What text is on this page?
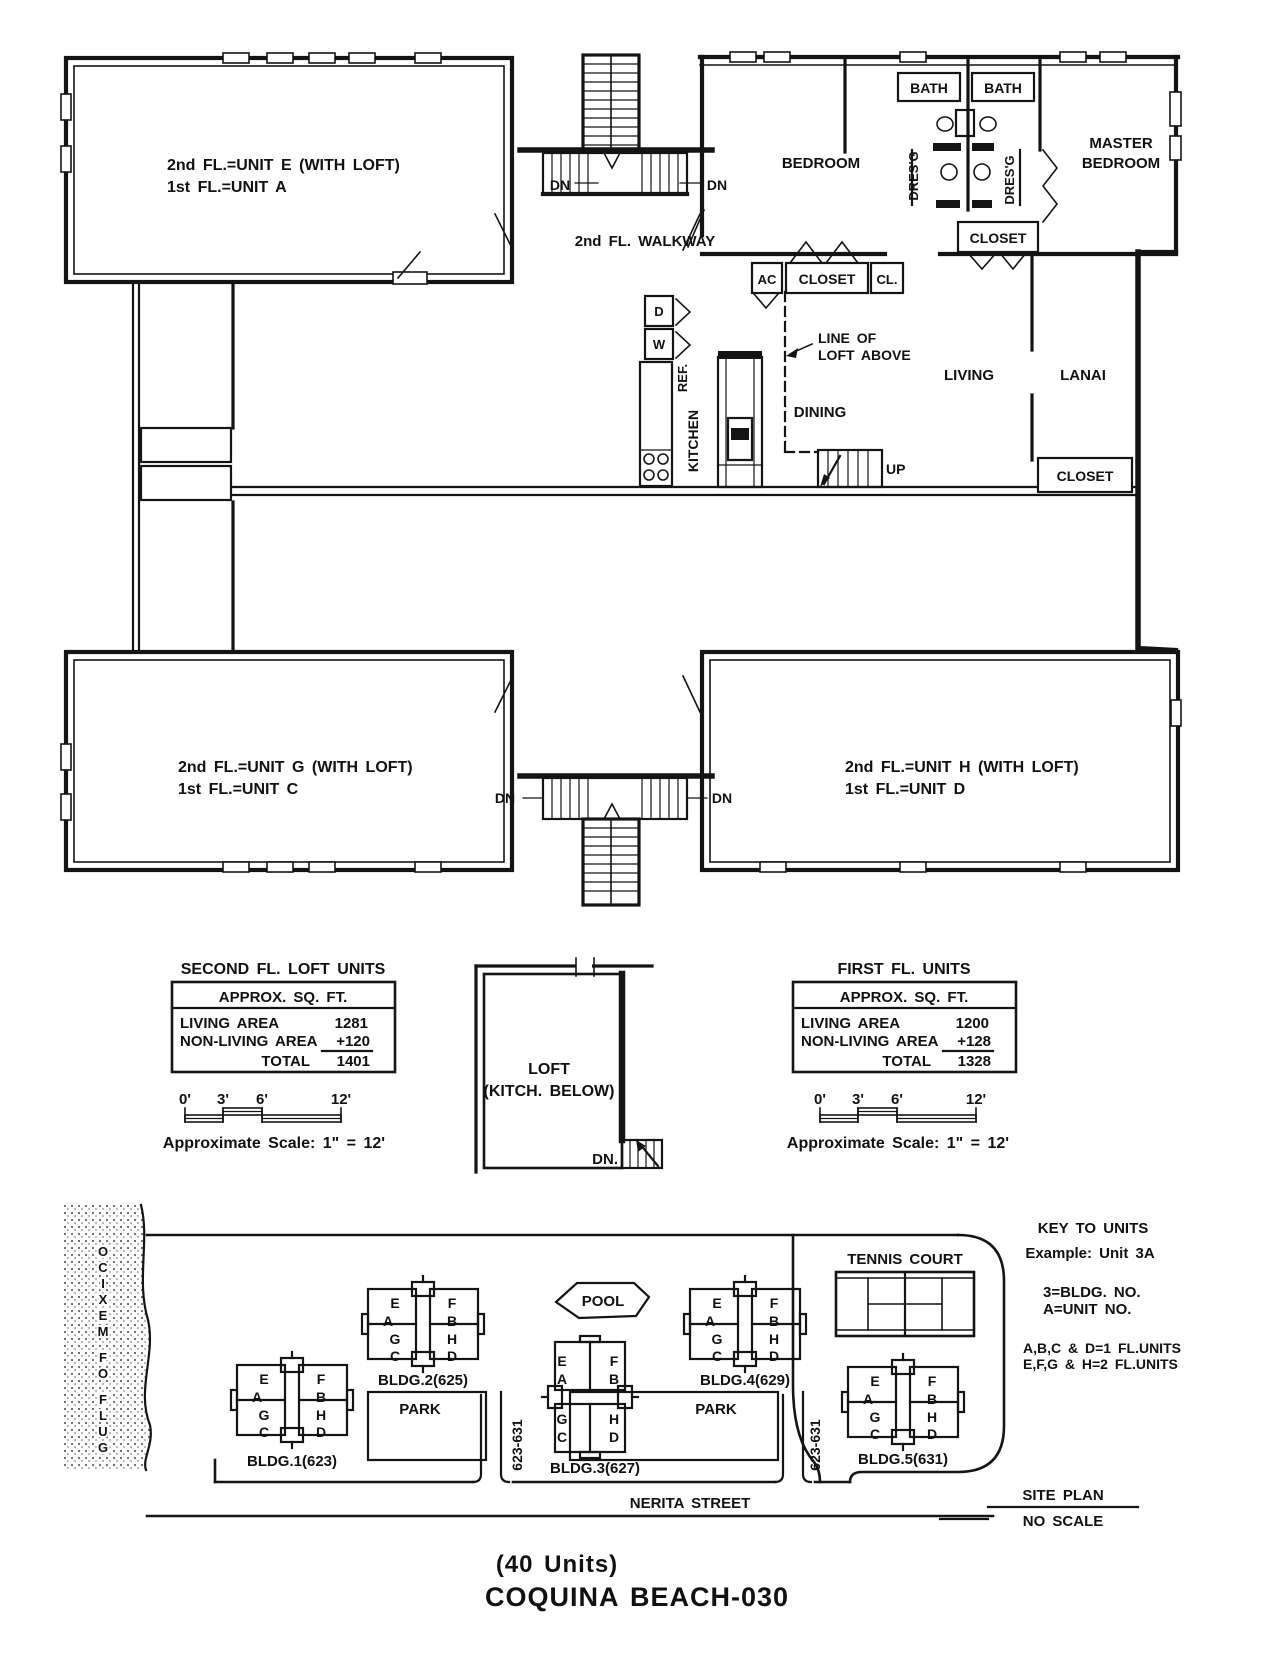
2nd FL.=UNIT E (WITH LOFT)
1st FL.=UNIT A
2nd FL.=UNIT G (WITH LOFT)
1st FL.=UNIT C
2nd FL.=UNIT H (WITH LOFT)
1st FL.=UNIT D
2nd FL. WALKWAY
DN	DN
DN	DN
BEDROOM
BATH	BATH
DRES'G	DRES'G
MASTER
BEDROOM
CLOSET
AC CLOSET CL.
D
W
REF.
KITCHEN
LINE OF
LOFT ABOVE
DINING
UP
LIVING	LANAI
CLOSET
SECOND FL. LOFT UNITS
APPROX. SQ. FT.
LIVING AREA	1281
NON-LIVING AREA +120
TOTAL 1401
FIRST FL. UNITS
APPROX. SQ. FT.
LIVING AREA	1200
NON-LIVING AREA +128
TOTAL 1328
0' 3' 6'	12'
Approximate Scale: 1" = 12'
0' 3' 6'	12'
Approximate Scale: 1" = 12'
LOFT
(KITCH. BELOW)
DN.
O
C
I
X
E
M
F
O
F
L
U
G
NERITA STREET
623-631	623-631
PARK	PARK
POOL
TENNIS COURT
E	F
A	B
G	H
C	D
BLDG.1(623)
E	F
A	B
G	H
C	D
BLDG.2(625)
E	F
A	B
G	H
C	D
BLDG.3(627)
E	F
A	B
G	H
C	D
BLDG.4(629)	E	F
A	B
G	H
C	D
BLDG.5(631)
KEY TO UNITS
Example: Unit 3A
3=BLDG. NO.
A=UNIT NO.
A,B,C & D=1 FL.UNITS
E,F,G & H=2 FL.UNITS
SITE PLAN
NO SCALE
(40 Units)
COQUINA BEACH-030
